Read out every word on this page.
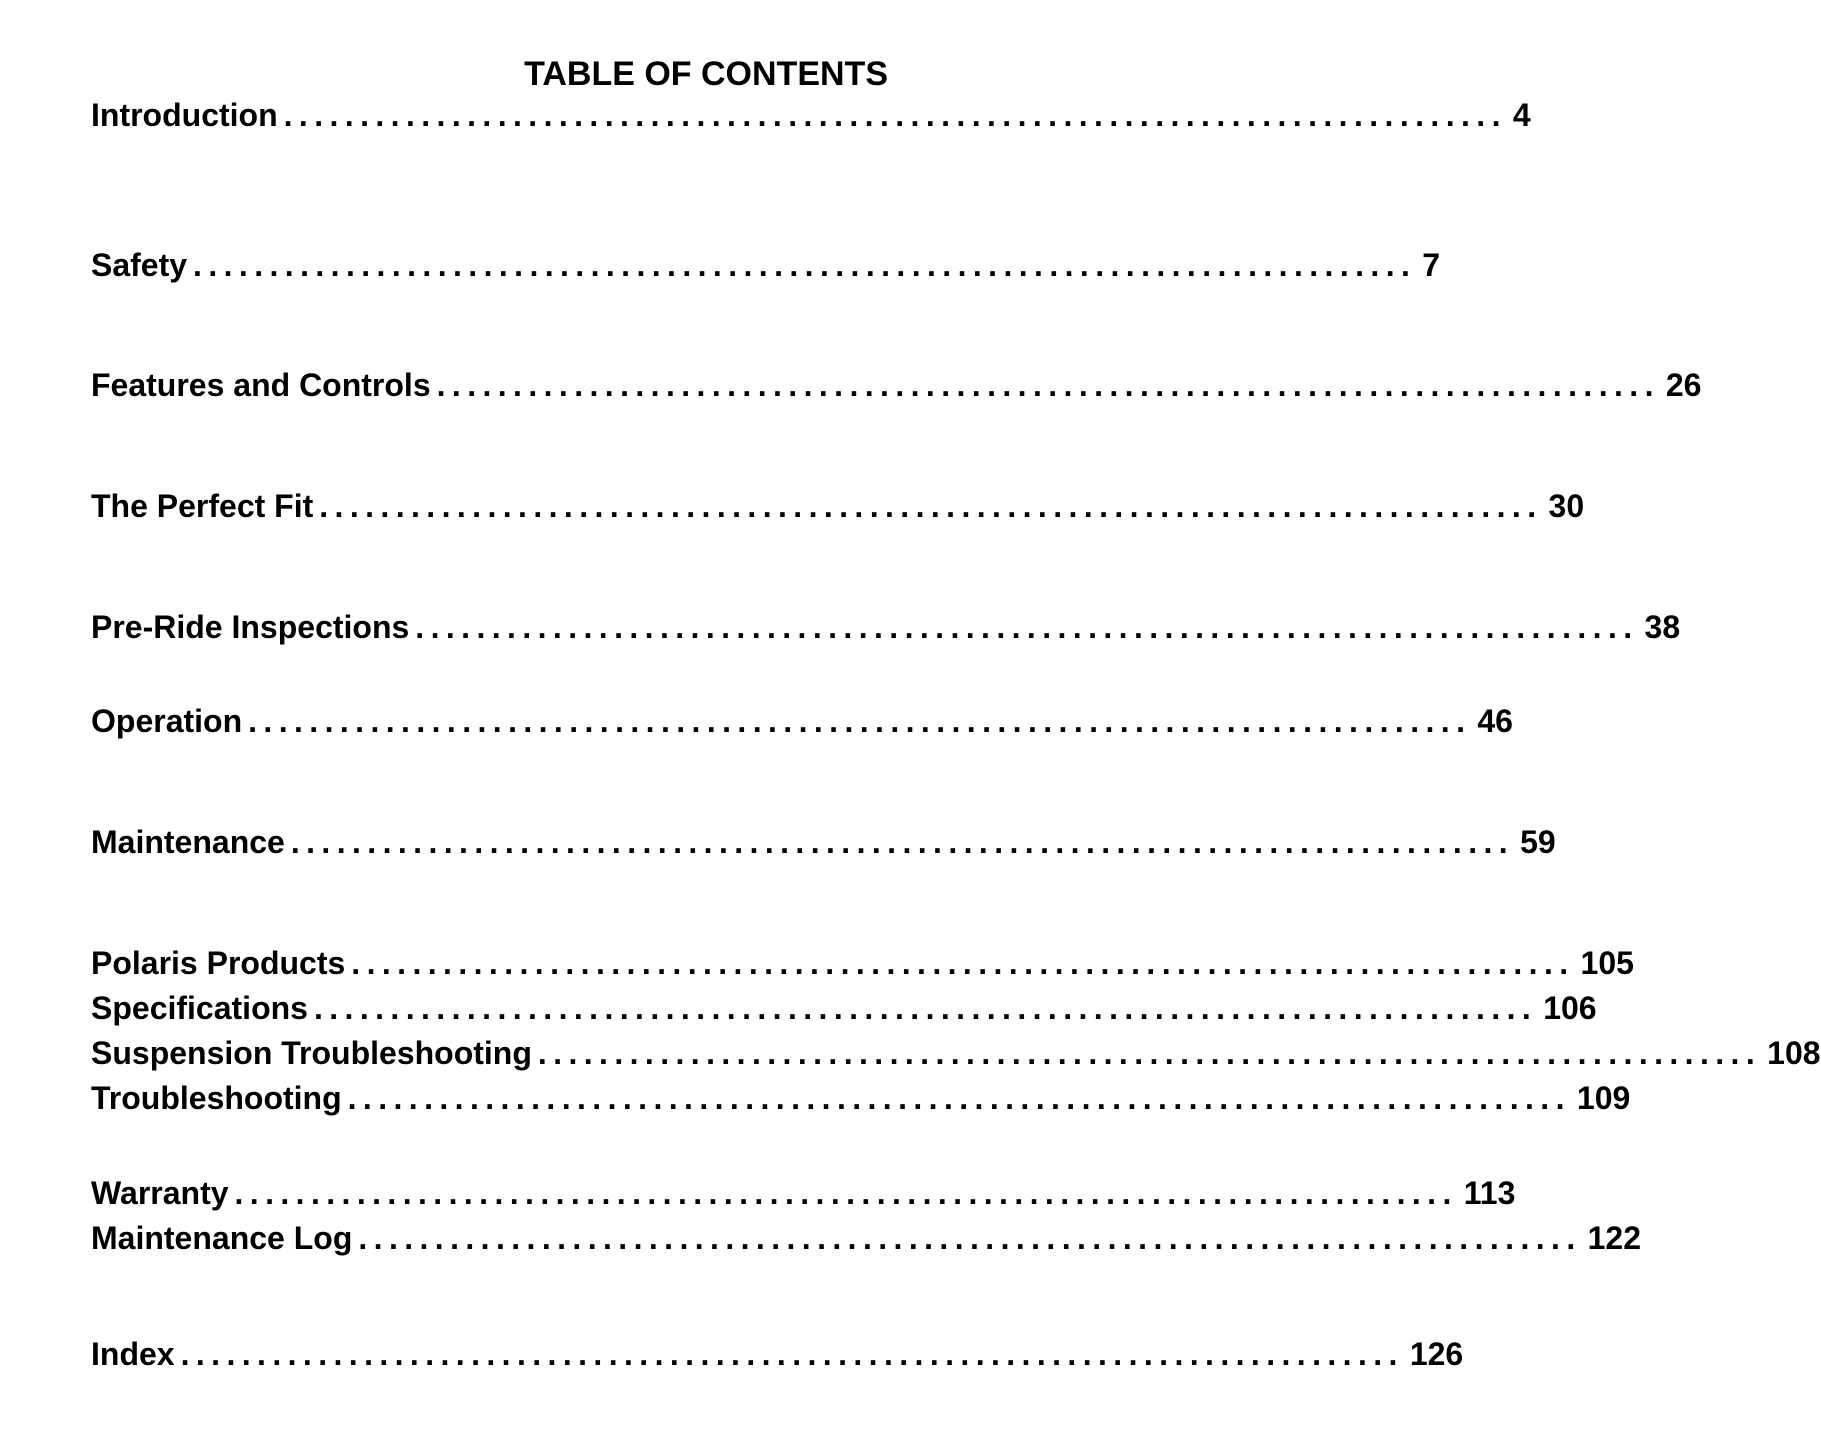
TABLE OF CONTENTS
Introduction ................................................................................ 4
Safety ................................................................................ 7
Features and Controls ................................................................................ 26
The Perfect Fit ................................................................................ 30
Pre-Ride Inspections ................................................................................ 38
Operation ................................................................................ 46
Maintenance ................................................................................ 59
Polaris Products ................................................................................ 105
Specifications ................................................................................ 106
Suspension Troubleshooting ................................................................................ 108
Troubleshooting ................................................................................ 109
Warranty ................................................................................ 113
Maintenance Log ................................................................................ 122
Index ................................................................................ 126
